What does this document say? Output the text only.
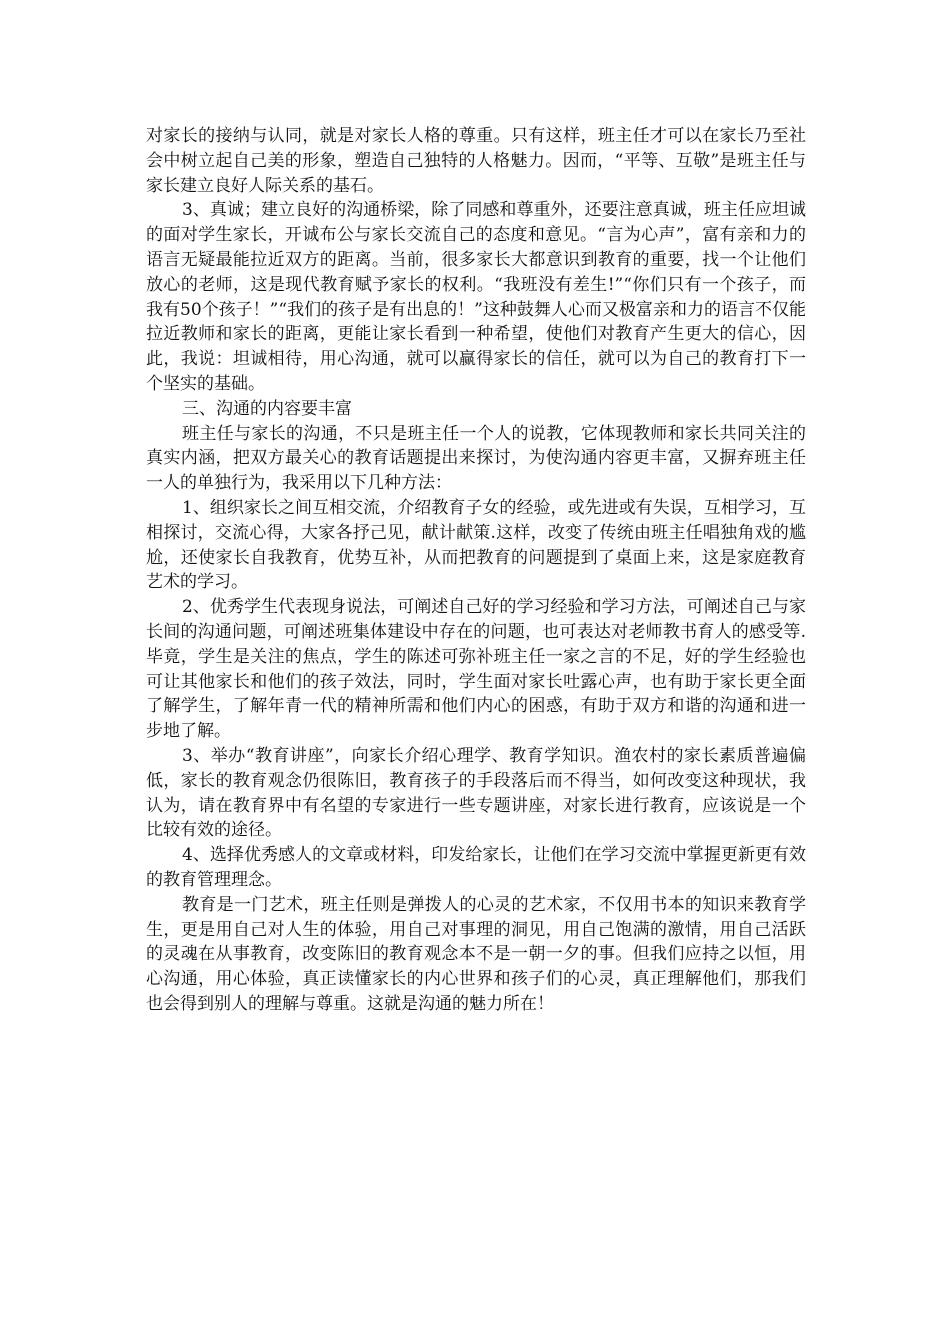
对家长的接纳与认同，就是对家长人格的尊重。只有这样，班主任才可以在家长乃至社会中树立起自己美的形象，塑造自己独特的人格魅力。因而，“平等、互敬”是班主任与家长建立良好人际关系的基石。

3、真诚；建立良好的沟通桥梁，除了同感和尊重外，还要注意真诚，班主任应坦诚的面对学生家长，开诚布公与家长交流自己的态度和意见。“言为心声”，富有亲和力的语言无疑最能拉近双方的距离。当前，很多家长大都意识到教育的重要，找一个让他们放心的老师，这是现代教育赋予家长的权利。“我班没有差生!”“你们只有一个孩子，而我有50个孩子！”“我们的孩子是有出息的！”这种鼓舞人心而又极富亲和力的语言不仅能拉近教师和家长的距离，更能让家长看到一种希望，使他们对教育产生更大的信心，因此，我说：坦诚相待，用心沟通，就可以赢得家长的信任，就可以为自己的教育打下一个坚实的基础。

三、沟通的内容要丰富

班主任与家长的沟通，不只是班主任一个人的说教，它体现教师和家长共同关注的真实内涵，把双方最关心的教育话题提出来探讨，为使沟通内容更丰富，又摒弃班主任一人的单独行为，我采用以下几种方法：

1、组织家长之间互相交流，介绍教育子女的经验，或先进或有失误，互相学习，互相探讨，交流心得，大家各抒己见，献计献策.这样，改变了传统由班主任唱独角戏的尴尬，还使家长自我教育，优势互补，从而把教育的问题提到了桌面上来，这是家庭教育艺术的学习。

2、优秀学生代表现身说法，可阐述自己好的学习经验和学习方法，可阐述自己与家长间的沟通问题，可阐述班集体建设中存在的问题，也可表达对老师教书育人的感受等.毕竟，学生是关注的焦点，学生的陈述可弥补班主任一家之言的不足，好的学生经验也可让其他家长和他们的孩子效法，同时，学生面对家长吐露心声，也有助于家长更全面了解学生，了解年青一代的精神所需和他们内心的困惑，有助于双方和谐的沟通和进一步地了解。

3、举办“教育讲座”，向家长介绍心理学、教育学知识。渔农村的家长素质普遍偏低，家长的教育观念仍很陈旧，教育孩子的手段落后而不得当，如何改变这种现状，我认为，请在教育界中有名望的专家进行一些专题讲座，对家长进行教育，应该说是一个比较有效的途径。

4、选择优秀感人的文章或材料，印发给家长，让他们在学习交流中掌握更新更有效的教育管理理念。

教育是一门艺术，班主任则是弹拨人的心灵的艺术家，不仅用书本的知识来教育学生，更是用自己对人生的体验，用自己对事理的洞见，用自己饱满的激情，用自己活跃的灵魂在从事教育，改变陈旧的教育观念本不是一朝一夕的事。但我们应持之以恒，用心沟通，用心体验，真正读懂家长的内心世界和孩子们的心灵，真正理解他们，那我们也会得到别人的理解与尊重。这就是沟通的魅力所在！
